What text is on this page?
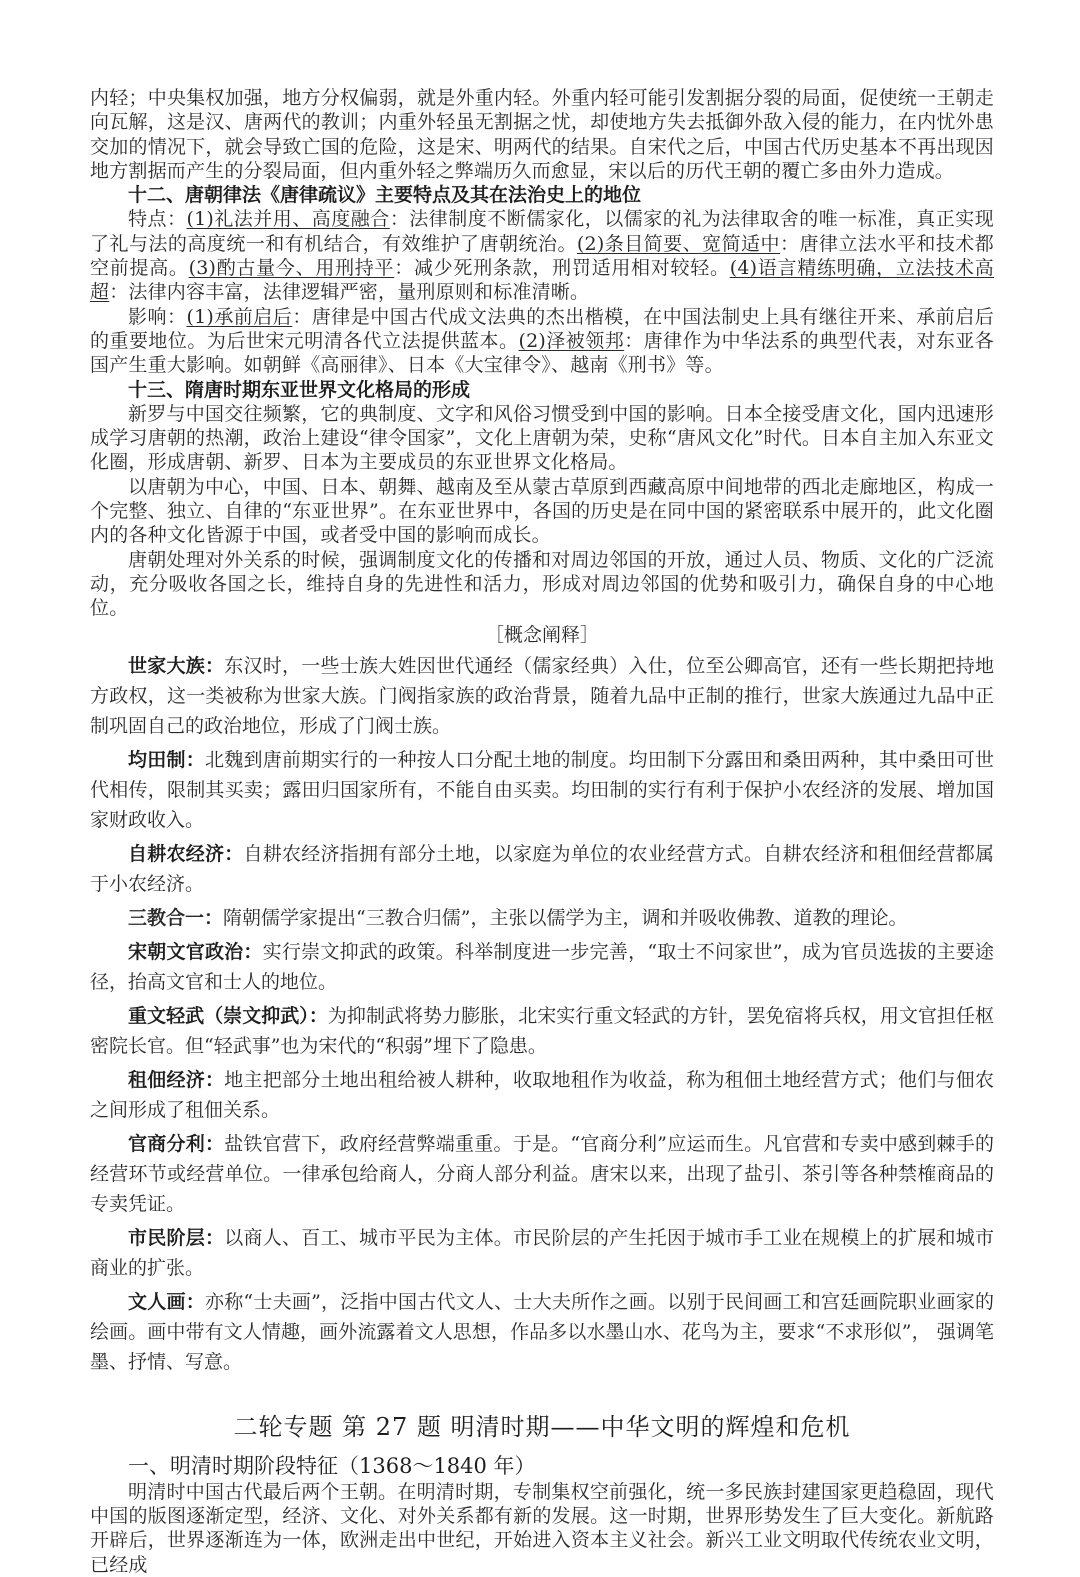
内轻；中央集权加强，地方分权偏弱，就是外重内轻。外重内轻可能引发割据分裂的局面，促使统一王朝走向瓦解，这是汉、唐两代的教训；内重外轻虽无割据之忧，却使地方失去抵御外敌入侵的能力，在内忧外患交加的情况下，就会导致亡国的危险，这是宋、明两代的结果。自宋代之后，中国古代历史基本不再出现因地方割据而产生的分裂局面，但内重外轻之弊端历久而愈显，宋以后的历代王朝的覆亡多由外力造成。

十二、唐朝律法《唐律疏议》主要特点及其在法治史上的地位

特点：(1)礼法并用、高度融合：法律制度不断儒家化，以儒家的礼为法律取舍的唯一标准，真正实现了礼与法的高度统一和有机结合，有效维护了唐朝统治。(2)条目简要、宽简适中：唐律立法水平和技术都空前提高。(3)酌古量今、用刑持平：减少死刑条款，刑罚适用相对较轻。(4)语言精练明确，立法技术高超：法律内容丰富，法律逻辑严密，量刑原则和标准清晰。

影响：(1)承前启后：唐律是中国古代成文法典的杰出楷模，在中国法制史上具有继往开来、承前启后的重要地位。为后世宋元明清各代立法提供蓝本。(2)泽被领邦：唐律作为中华法系的典型代表，对东亚各国产生重大影响。如朝鲜《高丽律》、日本《大宝律令》、越南《刑书》等。

十三、隋唐时期东亚世界文化格局的形成

新罗与中国交往频繁，它的典制度、文字和风俗习惯受到中国的影响。日本全接受唐文化，国内迅速形成学习唐朝的热潮，政治上建设“律令国家”，文化上唐朝为荣，史称“唐风文化”时代。日本自主加入东亚文化圈，形成唐朝、新罗、日本为主要成员的东亚世界文化格局。

以唐朝为中心，中国、日本、朝舞、越南及至从蒙古草原到西藏高原中间地带的西北走廊地区，构成一个完整、独立、自律的“东亚世界”。在东亚世界中，各国的历史是在同中国的紧密联系中展开的，此文化圈内的各种文化皆源于中国，或者受中国的影响而成长。

唐朝处理对外关系的时候，强调制度文化的传播和对周边邻国的开放，通过人员、物质、文化的广泛流动，充分吸收各国之长，维持自身的先进性和活力，形成对周边邻国的优势和吸引力，确保自身的中心地位。

［概念阐释］

世家大族：东汉时，一些士族大姓因世代通经（儒家经典）入仕，位至公卿高官，还有一些长期把持地方政权，这一类被称为世家大族。门阀指家族的政治背景，随着九品中正制的推行，世家大族通过九品中正制巩固自己的政治地位，形成了门阀士族。

均田制：北魏到唐前期实行的一种按人口分配土地的制度。均田制下分露田和桑田两种，其中桑田可世代相传，限制其买卖；露田归国家所有，不能自由买卖。均田制的实行有利于保护小农经济的发展、增加国家财政收入。

自耕农经济：自耕农经济指拥有部分土地，以家庭为单位的农业经营方式。自耕农经济和租佃经营都属于小农经济。

三教合一：隋朝儒学家提出“三教合归儒”，主张以儒学为主，调和并吸收佛教、道教的理论。

宋朝文官政治：实行崇文抑武的政策。科举制度进一步完善，“取士不问家世”，成为官员选拔的主要途径，抬高文官和士人的地位。

重文轻武（崇文抑武）：为抑制武将势力膨胀，北宋实行重文轻武的方针，罢免宿将兵权，用文官担任枢密院长官。但“轻武事”也为宋代的“积弱”埋下了隐患。

租佃经济：地主把部分土地出租给被人耕种，收取地租作为收益，称为租佃土地经营方式；他们与佃农之间形成了租佃关系。

官商分利：盐铁官营下，政府经营弊端重重。于是。“官商分利”应运而生。凡官营和专卖中感到棘手的经营环节或经营单位。一律承包给商人，分商人部分利益。唐宋以来，出现了盐引、茶引等各种禁榷商品的专卖凭证。

市民阶层：以商人、百工、城市平民为主体。市民阶层的产生托因于城市手工业在规模上的扩展和城市商业的扩张。

文人画：亦称“士夫画”，泛指中国古代文人、士大夫所作之画。以别于民间画工和宫廷画院职业画家的绘画。画中带有文人情趣，画外流露着文人思想，作品多以水墨山水、花鸟为主，要求“不求形似”， 强调笔墨、抒情、写意。

二轮专题 第 27 题 明清时期——中华文明的辉煌和危机

一、明清时期阶段特征（1368～1840 年）

明清时中国古代最后两个王朝。在明清时期，专制集权空前强化，统一多民族封建国家更趋稳固，现代中国的版图逐渐定型，经济、文化、对外关系都有新的发展。这一时期，世界形势发生了巨大变化。新航路开辟后，世界逐渐连为一体，欧洲走出中世纪，开始进入资本主义社会。新兴工业文明取代传统农业文明，已经成
